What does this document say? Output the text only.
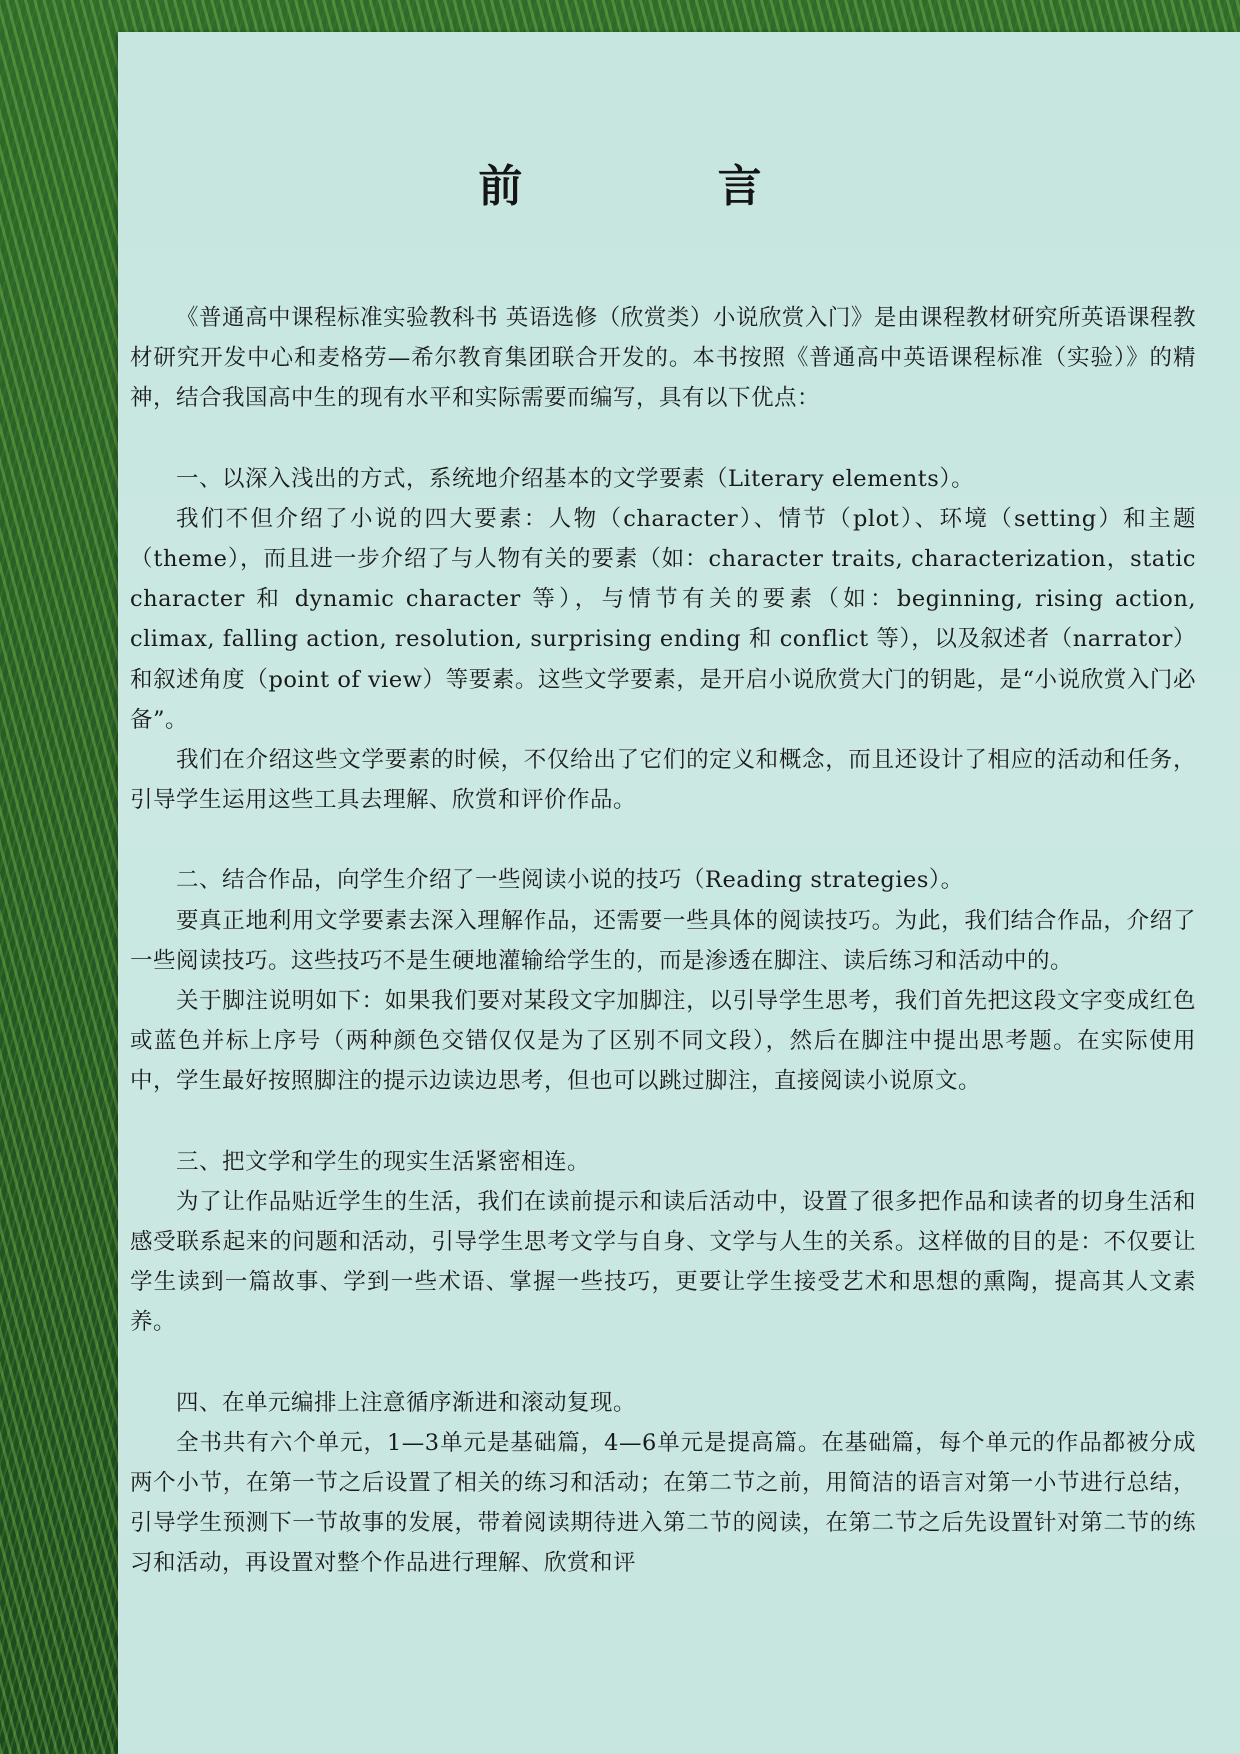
前 言

《普通高中课程标准实验教科书 英语选修（欣赏类）小说欣赏入门》是由课程教材研究所英语课程教材研究开发中心和麦格劳—希尔教育集团联合开发的。本书按照《普通高中英语课程标准（实验）》的精神，结合我国高中生的现有水平和实际需要而编写，具有以下优点：

一、以深入浅出的方式，系统地介绍基本的文学要素（Literary elements）。

我们不但介绍了小说的四大要素：人物（character）、情节（plot）、环境（setting）和主题（theme），而且进一步介绍了与人物有关的要素（如：character traits, characterization，static character 和 dynamic character 等），与情节有关的要素（如：beginning, rising action, climax, falling action, resolution, surprising ending 和 conflict 等），以及叙述者（narrator）和叙述角度（point of view）等要素。这些文学要素，是开启小说欣赏大门的钥匙，是“小说欣赏入门必备”。

我们在介绍这些文学要素的时候，不仅给出了它们的定义和概念，而且还设计了相应的活动和任务，引导学生运用这些工具去理解、欣赏和评价作品。

二、结合作品，向学生介绍了一些阅读小说的技巧（Reading strategies）。

要真正地利用文学要素去深入理解作品，还需要一些具体的阅读技巧。为此，我们结合作品，介绍了一些阅读技巧。这些技巧不是生硬地灌输给学生的，而是渗透在脚注、读后练习和活动中的。

关于脚注说明如下：如果我们要对某段文字加脚注，以引导学生思考，我们首先把这段文字变成红色或蓝色并标上序号（两种颜色交错仅仅是为了区别不同文段），然后在脚注中提出思考题。在实际使用中，学生最好按照脚注的提示边读边思考，但也可以跳过脚注，直接阅读小说原文。

三、把文学和学生的现实生活紧密相连。

为了让作品贴近学生的生活，我们在读前提示和读后活动中，设置了很多把作品和读者的切身生活和感受联系起来的问题和活动，引导学生思考文学与自身、文学与人生的关系。这样做的目的是：不仅要让学生读到一篇故事、学到一些术语、掌握一些技巧，更要让学生接受艺术和思想的熏陶，提高其人文素养。

四、在单元编排上注意循序渐进和滚动复现。

全书共有六个单元，1—3单元是基础篇，4—6单元是提高篇。在基础篇，每个单元的作品都被分成两个小节，在第一节之后设置了相关的练习和活动；在第二节之前，用简洁的语言对第一小节进行总结，引导学生预测下一节故事的发展，带着阅读期待进入第二节的阅读，在第二节之后先设置针对第二节的练习和活动，再设置对整个作品进行理解、欣赏和评
